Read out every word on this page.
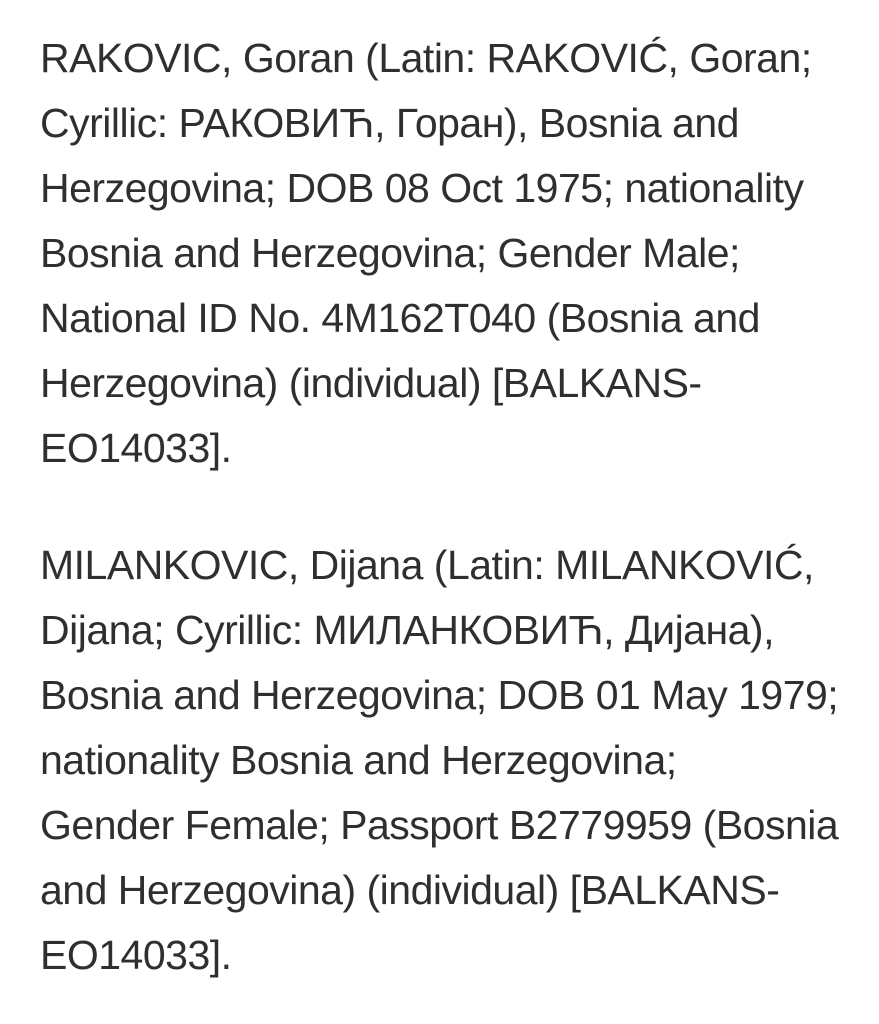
RAKOVIC, Goran (Latin: RAKOVIĆ, Goran;
Cyrillic: РАКОВИЋ, Горан), Bosnia and
Herzegovina; DOB 08 Oct 1975; nationality
Bosnia and Herzegovina; Gender Male;
National ID No. 4M162T040 (Bosnia and
Herzegovina) (individual) [BALKANS-
EO14033].
MILANKOVIC, Dijana (Latin: MILANKOVIĆ,
Dijana; Cyrillic: МИЛАНКОВИЋ, Дијана),
Bosnia and Herzegovina; DOB 01 May 1979;
nationality Bosnia and Herzegovina;
Gender Female; Passport B2779959 (Bosnia
and Herzegovina) (individual) [BALKANS-
EO14033].
